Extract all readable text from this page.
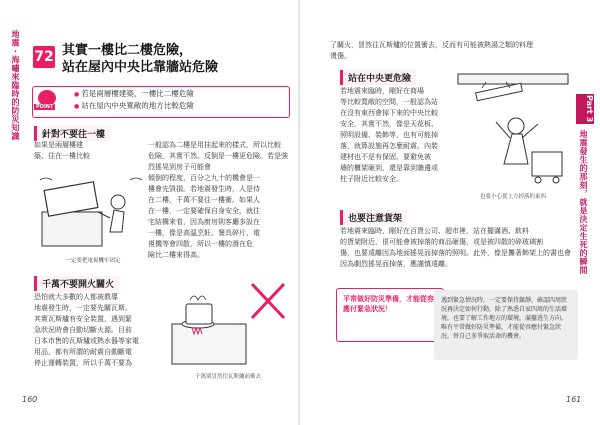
地震・海嘯來臨時的防災知識 72 其實一樓比二樓危險，
站在屋內中央比靠牆站危險
POINT
● 若是兩層樓建築，一樓比二樓危險
● 站在屋內中央寬敞的地方比較危險
針對不要往一樓
如果是兩層樓建
築，住在一樓比較
一般認為二樓是用挂起來的樣式，所以比較
危險，其實不然。反倒是一樓更危險。若是強烈搖晃到房子可能會
傾倒的程度，百分之九十的機會是一
樓會先毀損。若地震發生時，人是待
在二樓，千萬不要往一樓衝。如果人
在一樓，一定要確保自身安全，就往
宅結構來看，因為廚房則客廳多設在
一樓，像是高溫烹飪、餐具碎片、電
視機等會四散，所以一樓的潛在危
險比二樓來得高。
一定要把電視機牢固定
千萬不要開火關火
恐怕就大多數的人都被教導
地震發生時，一定要先關瓦斯。
其實瓦斯爐有安全裝置，遇到緊
急狀況時會自動切斷火源。目前
日本市售的瓦斯爐或熱水器等家電
用品，都有所謂的耐震自動斷電
停止運轉裝置，所以千萬不要為
千萬別冒然往瓦斯爐前衝去
160
了關火，冒然往瓦斯爐的位置衝去，反而有可能被熱湯之類的料理
燙傷。
站在中央更危險
若地震來臨時，剛好在商場
等比較寬敞的空間，一般認為站
在沒有東西會掉下來的中央比較
安全，其實不然，像是天花板、
照明設備、裝飾等，也有可能掉
落，就算設施再怎麼耐震，內裝
建材也不是有保固。要避免被
墻的櫃架砸到，還是靠到牆邊或
柱子附近比較安全。
也要小心從上方掉落的東西
也要注意貨架
若地震來臨時，剛好在百貨公司、超市裡，站在擺滿酒、飲料
的貨架附近，很可能會被掉落的商品砸傷，或是被四散的碎玻璃割
傷，也要遠離因為地面搖晃而掉落的照明。此外，像是攤著飾架上的書也會
因為劇烈搖晃而掉落，應謹慎遠離。
平常做好防災準備，才能從容應付緊急狀況！
遇到緊急情況時，一定要保持鎮靜，確認四周狀況再決定如何行動，除了熟悉自家四周的生活環境，也要了解工作地方的環境，滿盤逃生方向。 唯有平常做好防災準備，才能從容應付緊急狀況，替自己多爭取活命的機會。
Part 3
地震發生的那刻，就是決定生死的瞬間
161
